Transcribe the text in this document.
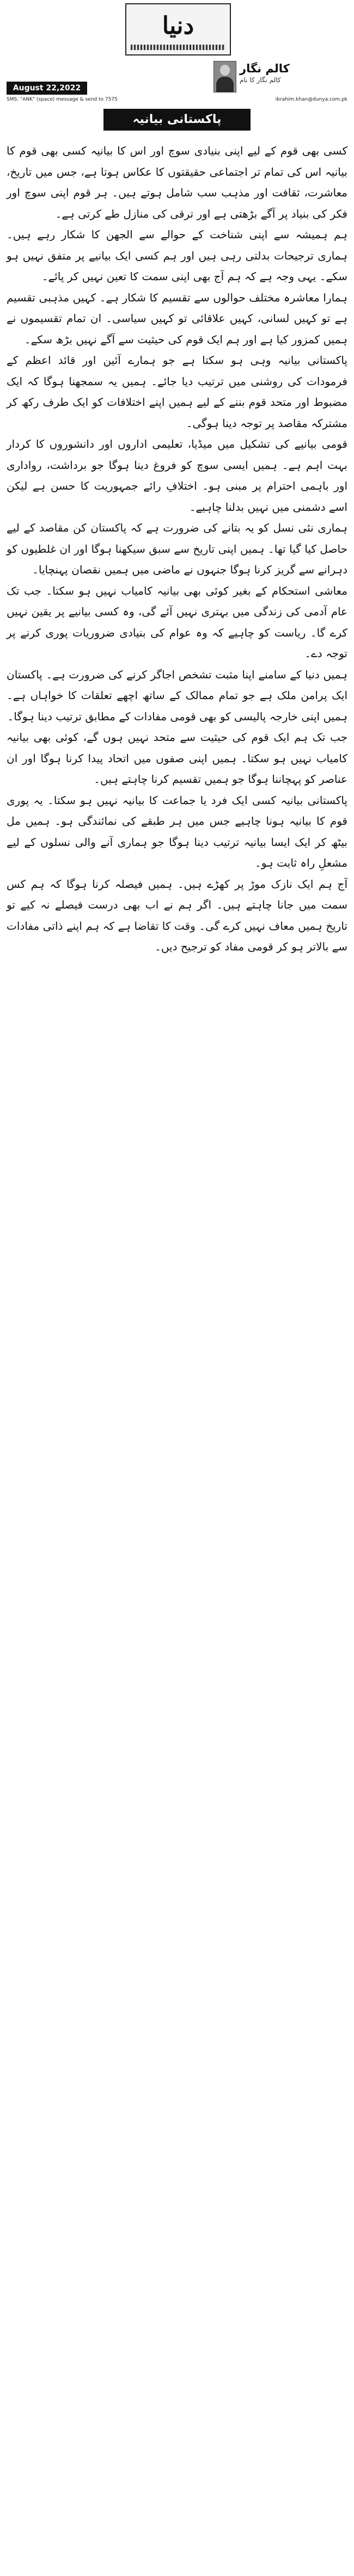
دنیا
کالم نگار
کالم نگار کا نام
August 22,2022
SMS: "ANK" (space) message & send to 7575	ibrahim.khan@dunya.com.pk
پاکستانی بیانیہ

کسی بھی قوم کے لیے اپنی بنیادی سوچ اور اس کا بیانیہ کسی بھی قوم کا بیانیہ اس کی تمام تر اجتماعی حقیقتوں کا عکاس ہوتا ہے، جس میں تاریخ، معاشرت، ثقافت اور مذہب سب شامل ہوتے ہیں۔ ہر قوم اپنی سوچ اور فکر کی بنیاد پر آگے بڑھتی ہے اور ترقی کی منازل طے کرتی ہے۔

ہم ہمیشہ سے اپنی شناخت کے حوالے سے الجھن کا شکار رہے ہیں۔ ہماری ترجیحات بدلتی رہی ہیں اور ہم کسی ایک بیانیے پر متفق نہیں ہو سکے۔ یہی وجہ ہے کہ ہم آج بھی اپنی سمت کا تعین نہیں کر پائے۔

ہمارا معاشرہ مختلف حوالوں سے تقسیم کا شکار ہے۔ کہیں مذہبی تقسیم ہے تو کہیں لسانی، کہیں علاقائی تو کہیں سیاسی۔ ان تمام تقسیموں نے ہمیں کمزور کیا ہے اور ہم ایک قوم کی حیثیت سے آگے نہیں بڑھ سکے۔

پاکستانی بیانیہ وہی ہو سکتا ہے جو ہمارے آئین اور قائد اعظم کے فرمودات کی روشنی میں ترتیب دیا جائے۔ ہمیں یہ سمجھنا ہوگا کہ ایک مضبوط اور متحد قوم بننے کے لیے ہمیں اپنے اختلافات کو ایک طرف رکھ کر مشترکہ مقاصد پر توجہ دینا ہوگی۔

قومی بیانیے کی تشکیل میں میڈیا، تعلیمی اداروں اور دانشوروں کا کردار بہت اہم ہے۔ ہمیں ایسی سوچ کو فروغ دینا ہوگا جو برداشت، رواداری اور باہمی احترام پر مبنی ہو۔ اختلافِ رائے جمہوریت کا حسن ہے لیکن اسے دشمنی میں نہیں بدلنا چاہیے۔

ہماری نئی نسل کو یہ بتانے کی ضرورت ہے کہ پاکستان کن مقاصد کے لیے حاصل کیا گیا تھا۔ ہمیں اپنی تاریخ سے سبق سیکھنا ہوگا اور ان غلطیوں کو دہرانے سے گریز کرنا ہوگا جنہوں نے ماضی میں ہمیں نقصان پہنچایا۔

معاشی استحکام کے بغیر کوئی بھی بیانیہ کامیاب نہیں ہو سکتا۔ جب تک عام آدمی کی زندگی میں بہتری نہیں آئے گی، وہ کسی بیانیے پر یقین نہیں کرے گا۔ ریاست کو چاہیے کہ وہ عوام کی بنیادی ضروریات پوری کرنے پر توجہ دے۔

ہمیں دنیا کے سامنے اپنا مثبت تشخص اجاگر کرنے کی ضرورت ہے۔ پاکستان ایک پرامن ملک ہے جو تمام ممالک کے ساتھ اچھے تعلقات کا خواہاں ہے۔ ہمیں اپنی خارجہ پالیسی کو بھی قومی مفادات کے مطابق ترتیب دینا ہوگا۔

جب تک ہم ایک قوم کی حیثیت سے متحد نہیں ہوں گے، کوئی بھی بیانیہ کامیاب نہیں ہو سکتا۔ ہمیں اپنی صفوں میں اتحاد پیدا کرنا ہوگا اور ان عناصر کو پہچاننا ہوگا جو ہمیں تقسیم کرنا چاہتے ہیں۔

پاکستانی بیانیہ کسی ایک فرد یا جماعت کا بیانیہ نہیں ہو سکتا۔ یہ پوری قوم کا بیانیہ ہونا چاہیے جس میں ہر طبقے کی نمائندگی ہو۔ ہمیں مل بیٹھ کر ایک ایسا بیانیہ ترتیب دینا ہوگا جو ہماری آنے والی نسلوں کے لیے مشعلِ راہ ثابت ہو۔

آج ہم ایک نازک موڑ پر کھڑے ہیں۔ ہمیں فیصلہ کرنا ہوگا کہ ہم کس سمت میں جانا چاہتے ہیں۔ اگر ہم نے اب بھی درست فیصلے نہ کیے تو تاریخ ہمیں معاف نہیں کرے گی۔ وقت کا تقاضا ہے کہ ہم اپنے ذاتی مفادات سے بالاتر ہو کر قومی مفاد کو ترجیح دیں۔
